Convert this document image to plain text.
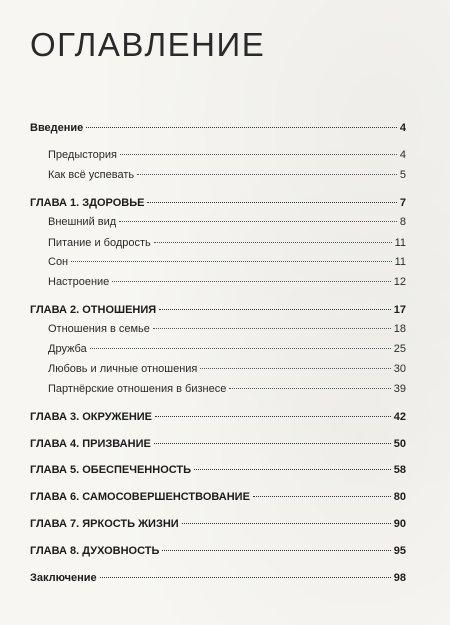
ОГЛАВЛЕНИЕ
Введение	4
Предыстория	4
Как всё успевать	5
ГЛАВА 1. ЗДОРОВЬЕ	7
Внешний вид	8
Питание и бодрость	11
Сон	11
Настроение	12
ГЛАВА 2. ОТНОШЕНИЯ	17
Отношения в семье	18
Дружба	25
Любовь и личные отношения	30
Партнёрские отношения в бизнесе	39
ГЛАВА 3. ОКРУЖЕНИЕ	42
ГЛАВА 4. ПРИЗВАНИЕ	50
ГЛАВА 5. ОБЕСПЕЧЕННОСТЬ	58
ГЛАВА 6. САМОСОВЕРШЕНСТВОВАНИЕ	80
ГЛАВА 7. ЯРКОСТЬ ЖИЗНИ	90
ГЛАВА 8. ДУХОВНОСТЬ	95
Заключение	98
